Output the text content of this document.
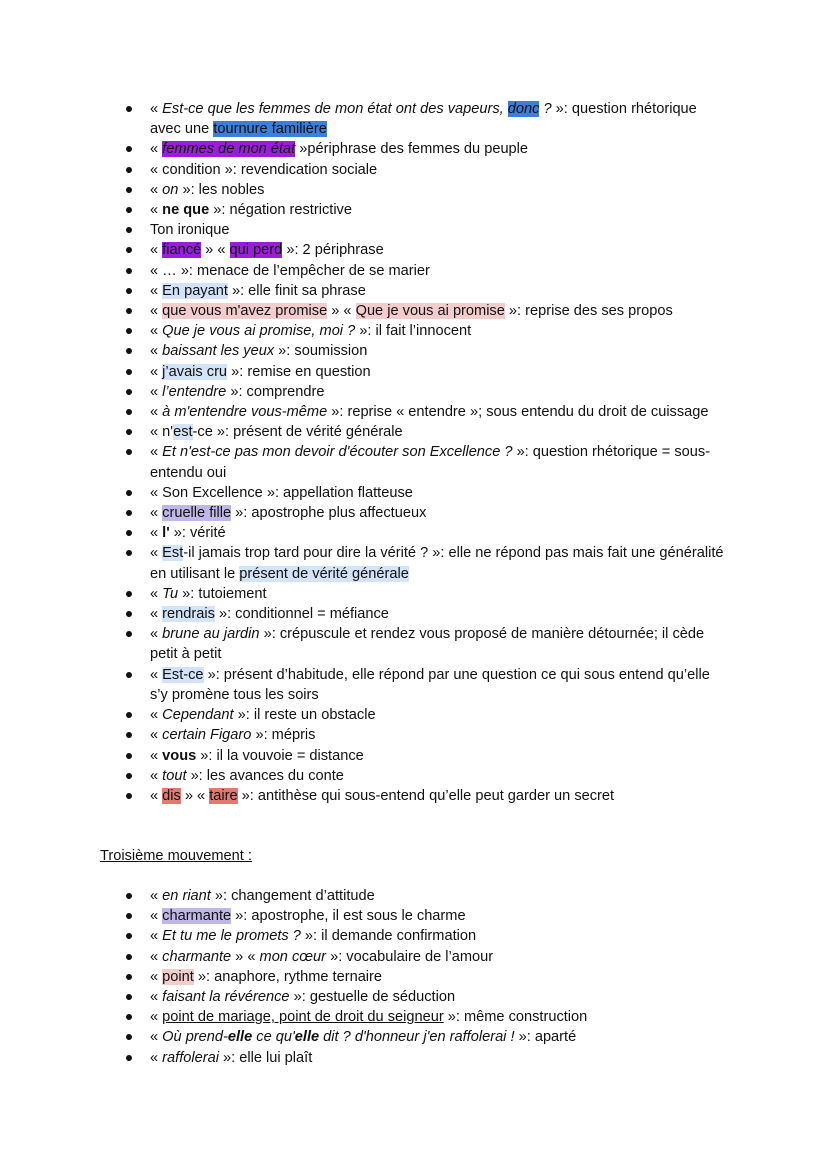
« Est-ce que les femmes de mon état ont des vapeurs, donc ? »: question rhétorique avec une tournure familière
« femmes de mon état »périphrase des femmes du peuple
« condition »: revendication sociale
« on »: les nobles
« ne que »: négation restrictive
Ton ironique
« fiancé » « qui perd »: 2 périphrase
« … »: menace de l’empêcher de se marier
« En payant »: elle finit sa phrase
« que vous m'avez promise » « Que je vous ai promise »: reprise des ses propos
« Que je vous ai promise, moi ? »: il fait l’innocent
« baissant les yeux »: soumission
« j’avais cru »: remise en question
« l’entendre »: comprendre
« à m'entendre vous-même »: reprise « entendre »; sous entendu du droit de cuissage
« n'est-ce »: présent de vérité générale
« Et n'est-ce pas mon devoir d'écouter son Excellence ? »: question rhétorique = sous-entendu oui
« Son Excellence »: appellation flatteuse
« cruelle fille »: apostrophe plus affectueux
« l' »: vérité
« Est-il jamais trop tard pour dire la vérité ? »: elle ne répond pas mais fait une généralité en utilisant le présent de vérité générale
« Tu »: tutoiement
« rendrais »: conditionnel = méfiance
« brune au jardin »: crépuscule et rendez vous proposé de manière détournée; il cède petit à petit
« Est-ce »: présent d’habitude, elle répond par une question ce qui sous entend qu’elle s’y promène tous les soirs
« Cependant »: il reste un obstacle
« certain Figaro »: mépris
« vous »: il la vouvoie = distance
« tout »: les avances du conte
« dis » « taire »: antithèse qui sous-entend qu’elle peut garder un secret
Troisième mouvement :
« en riant »: changement d’attitude
« charmante »: apostrophe, il est sous le charme
« Et tu me le promets ? »: il demande confirmation
« charmante » « mon cœur »: vocabulaire de l’amour
« point »: anaphore, rythme ternaire
« faisant la révérence »: gestuelle de séduction
« point de mariage, point de droit du seigneur »: même construction
« Où prend-elle ce qu'elle dit ? d'honneur j'en raffolerai ! »: aparté
« raffolerai »: elle lui plaît
